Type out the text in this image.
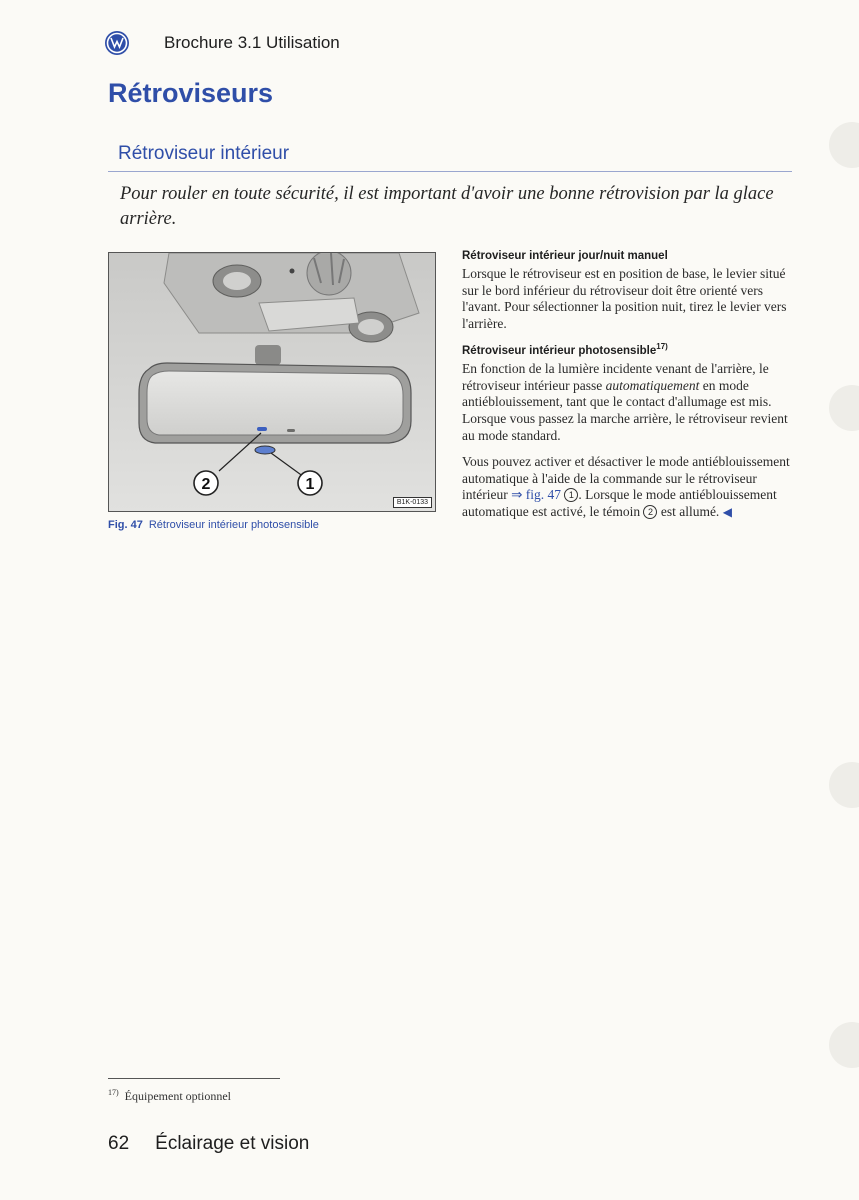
Brochure 3.1 Utilisation
Rétroviseurs
Rétroviseur intérieur

Pour rouler en toute sécurité, il est important d'avoir une bonne rétrovision par la glace arrière.

2	1
B1K-0133
Fig. 47 Rétroviseur intérieur photosensible
Rétroviseur intérieur jour/nuit manuel

Lorsque le rétroviseur est en position de base, le levier situé sur le bord inférieur du rétroviseur doit être orienté vers l'avant. Pour sélectionner la position nuit, tirez le levier vers l'arrière.

Rétroviseur intérieur photosensible$^{17)}$

En fonction de la lumière incidente venant de l'arrière, le rétroviseur intérieur passe automatiquement en mode antiéblouissement, tant que le contact d'allumage est mis. Lorsque vous passez la marche arrière, le rétroviseur revient au mode standard.

Vous pouvez activer et désactiver le mode antiéblouissement automatique à l'aide de la commande sur le rétroviseur intérieur ⇒ fig. 47 1 . Lorsque le mode antiéblouissement automatique est activé, le témoin 2 est allumé. ◀

$^{17)}$ Équipement optionnel
62 Éclairage et vision
